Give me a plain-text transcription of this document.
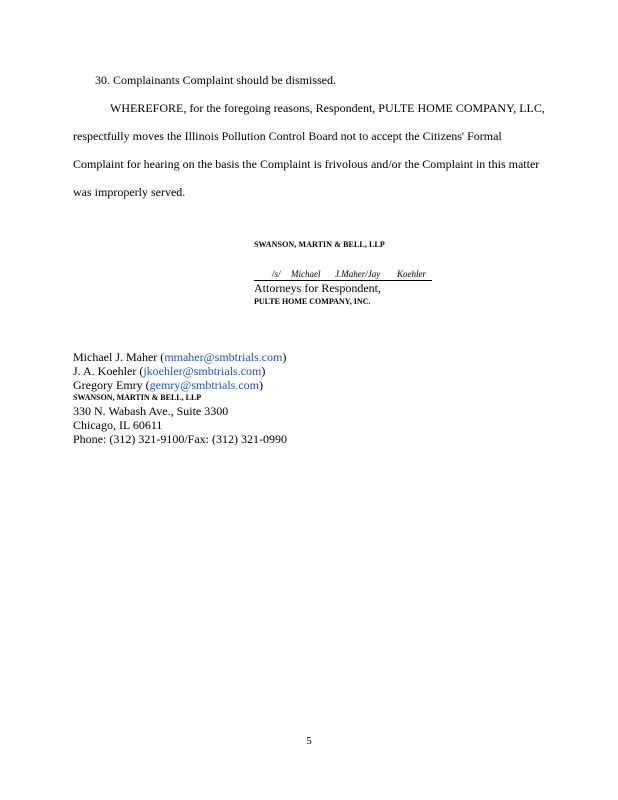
30. Complainants Complaint should be dismissed.
WHEREFORE, for the foregoing reasons, Respondent, PULTE HOME COMPANY, LLC,
respectfully moves the Illinois Pollution Control Board not to accept the Citizens' Formal
Complaint for hearing on the basis the Complaint is frivolous and/or the Complaint in this matter
was improperly served.
SWANSON, MARTIN & BELL, LLP
/s/ Michael J.Maher/Jay Koehler
Attorneys for Respondent,
PULTE HOME COMPANY, INC.
Michael J. Maher (mmaher@smbtrials.com)
J. A. Koehler (jkoehler@smbtrials.com)
Gregory Emry (gemry@smbtrials.com)
SWANSON, MARTIN & BELL, LLP
330 N. Wabash Ave., Suite 3300
Chicago, IL 60611
Phone: (312) 321-9100/Fax: (312) 321-0990
5
